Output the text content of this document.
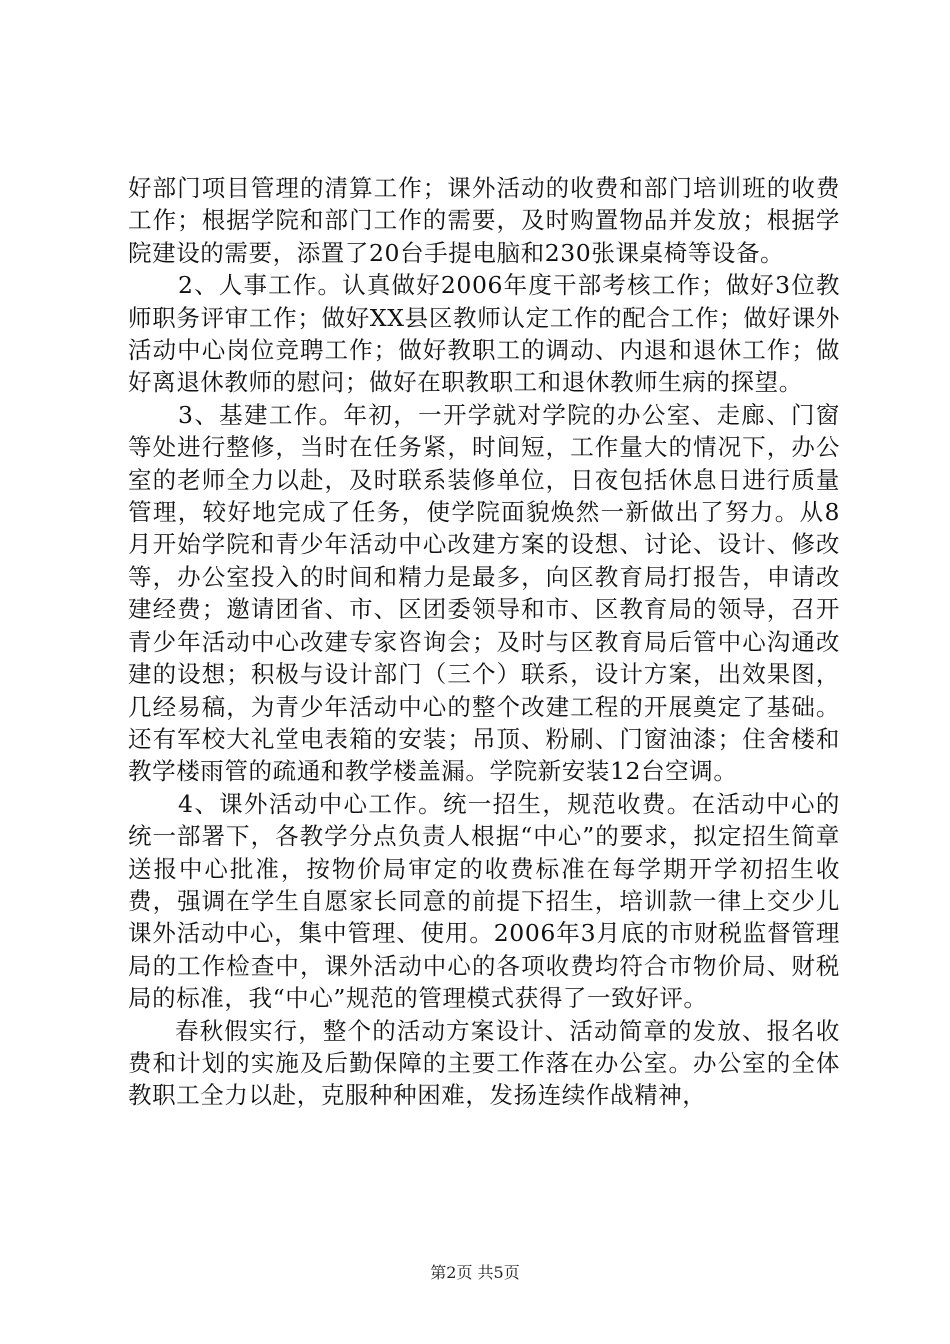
好部门项目管理的清算工作；课外活动的收费和部门培训班的收费工作；根据学院和部门工作的需要，及时购置物品并发放；根据学院建设的需要，添置了20台手提电脑和230张课桌椅等设备。

2、人事工作。认真做好2006年度干部考核工作；做好3位教师职务评审工作；做好XX县区教师认定工作的配合工作；做好课外活动中心岗位竞聘工作；做好教职工的调动、内退和退休工作；做好离退休教师的慰问；做好在职教职工和退休教师生病的探望。

3、基建工作。年初，一开学就对学院的办公室、走廊、门窗等处进行整修，当时在任务紧，时间短，工作量大的情况下，办公室的老师全力以赴，及时联系装修单位，日夜包括休息日进行质量管理，较好地完成了任务，使学院面貌焕然一新做出了努力。从8月开始学院和青少年活动中心改建方案的设想、讨论、设计、修改等，办公室投入的时间和精力是最多，向区教育局打报告，申请改建经费；邀请团省、市、区团委领导和市、区教育局的领导，召开青少年活动中心改建专家咨询会；及时与区教育局后管中心沟通改建的设想；积极与设计部门（三个）联系，设计方案，出效果图，几经易稿，为青少年活动中心的整个改建工程的开展奠定了基础。还有军校大礼堂电表箱的安装；吊顶、粉刷、门窗油漆；住舍楼和教学楼雨管的疏通和教学楼盖漏。学院新安装12台空调。

4、课外活动中心工作。统一招生，规范收费。在活动中心的统一部署下，各教学分点负责人根据“中心”的要求，拟定招生简章送报中心批准，按物价局审定的收费标准在每学期开学初招生收费，强调在学生自愿家长同意的前提下招生，培训款一律上交少儿课外活动中心，集中管理、使用。2006年3月底的市财税监督管理局的工作检查中，课外活动中心的各项收费均符合市物价局、财税局的标准，我“中心”规范的管理模式获得了一致好评。

春秋假实行，整个的活动方案设计、活动简章的发放、报名收费和计划的实施及后勤保障的主要工作落在办公室。办公室的全体教职工全力以赴，克服种种困难，发扬连续作战精神，

第2页 共5页
